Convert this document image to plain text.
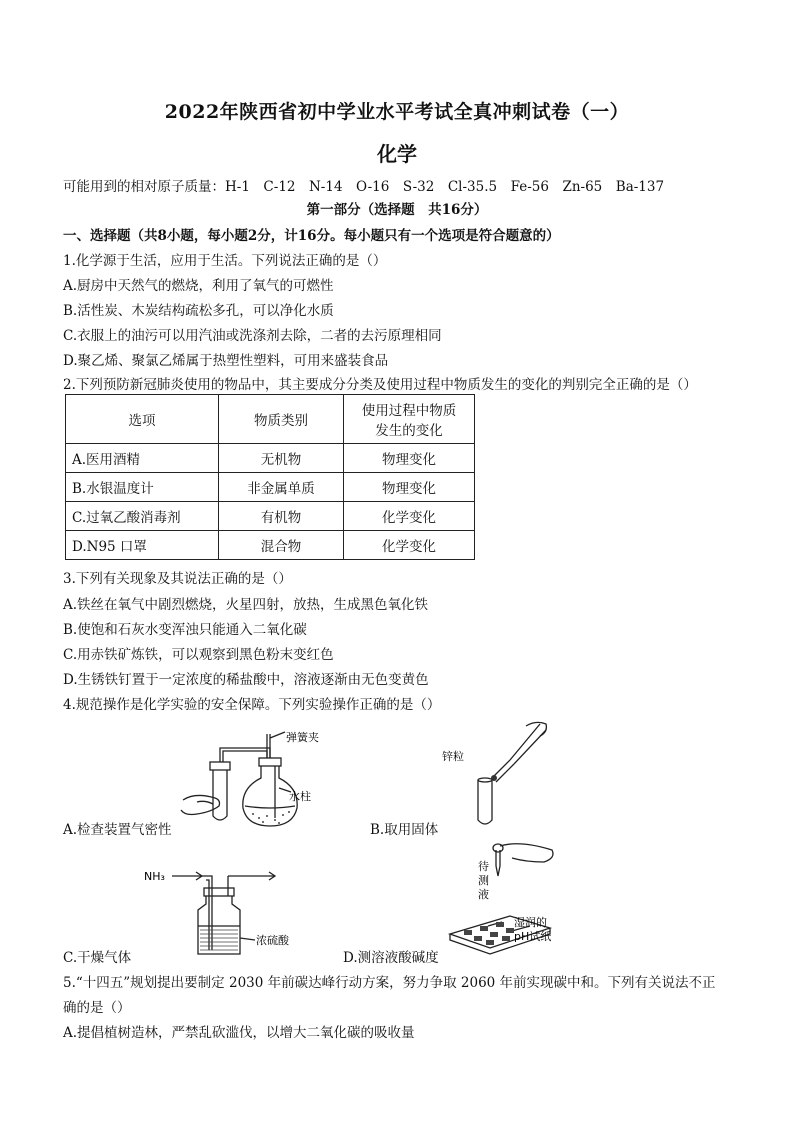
2022年陕西省初中学业水平考试全真冲刺试卷（一）
化学
可能用到的相对原子质量：H-1　C-12　N-14　O-16　S-32　Cl-35.5　Fe-56　Zn-65　Ba-137
第一部分（选择题　共16分）
一、选择题（共8小题，每小题2分，计16分。每小题只有一个选项是符合题意的）
1.化学源于生活，应用于生活。下列说法正确的是（）
A.厨房中天然气的燃烧，利用了氧气的可燃性
B.活性炭、木炭结构疏松多孔，可以净化水质
C.衣服上的油污可以用汽油或洗涤剂去除，二者的去污原理相同
D.聚乙烯、聚氯乙烯属于热塑性塑料，可用来盛装食品
2.下列预防新冠肺炎使用的物品中，其主要成分分类及使用过程中物质发生的变化的判别完全正确的是（）
选项	物质类别	使用过程中物质
发生的变化

A.医用酒精	无机物	物理变化
B.水银温度计	非金属单质	物理变化
C.过氧乙酸消毒剂	有机物	化学变化
D.N95 口罩	混合物	化学变化
3.下列有关现象及其说法正确的是（）
A.铁丝在氧气中剧烈燃烧，火星四射，放热，生成黑色氧化铁
B.使饱和石灰水变浑浊只能通入二氧化碳
C.用赤铁矿炼铁，可以观察到黑色粉末变红色
D.生锈铁钉置于一定浓度的稀盐酸中，溶液逐渐由无色变黄色
4.规范操作是化学实验的安全保障。下列实验操作正确的是（）
弹簧夹
水柱
A.检查装置气密性
锌粒
B.取用固体
NH₃
浓硫酸
C.干燥气体
待
测
液
湿润的
pH试纸
D.测溶液酸碱度
5.“十四五”规划提出要制定 2030 年前碳达峰行动方案，努力争取 2060 年前实现碳中和。下列有关说法不正
确的是（）
A.提倡植树造林，严禁乱砍滥伐，以增大二氧化碳的吸收量
